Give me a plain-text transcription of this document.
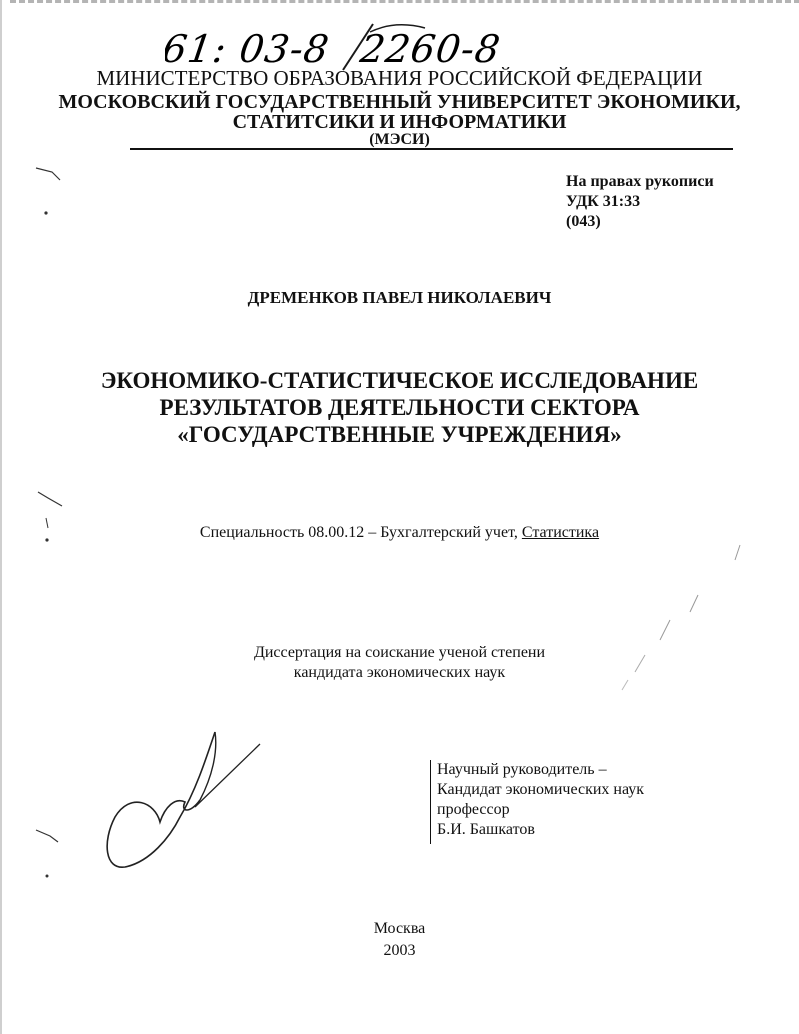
61: 03-8 2260-8
МИНИСТЕРСТВО ОБРАЗОВАНИЯ РОССИЙСКОЙ ФЕДЕРАЦИИ
МОСКОВСКИЙ ГОСУДАРСТВЕННЫЙ УНИВЕРСИТЕТ ЭКОНОМИКИ,
СТАТИТСИКИ И ИНФОРМАТИКИ
(МЭСИ)
На правах рукописи
УДК 31:33
(043)
ДРЕМЕНКОВ ПАВЕЛ НИКОЛАЕВИЧ
ЭКОНОМИКО-СТАТИСТИЧЕСКОЕ ИССЛЕДОВАНИЕ
РЕЗУЛЬТАТОВ ДЕЯТЕЛЬНОСТИ СЕКТОРА
«ГОСУДАРСТВЕННЫЕ УЧРЕЖДЕНИЯ»
Специальность 08.00.12 – Бухгалтерский учет, Статистика
Диссертация на соискание ученой степени
кандидата экономических наук
Научный руководитель –
Кандидат экономических наук
профессор
Б.И. Башкатов
Москва
2003
